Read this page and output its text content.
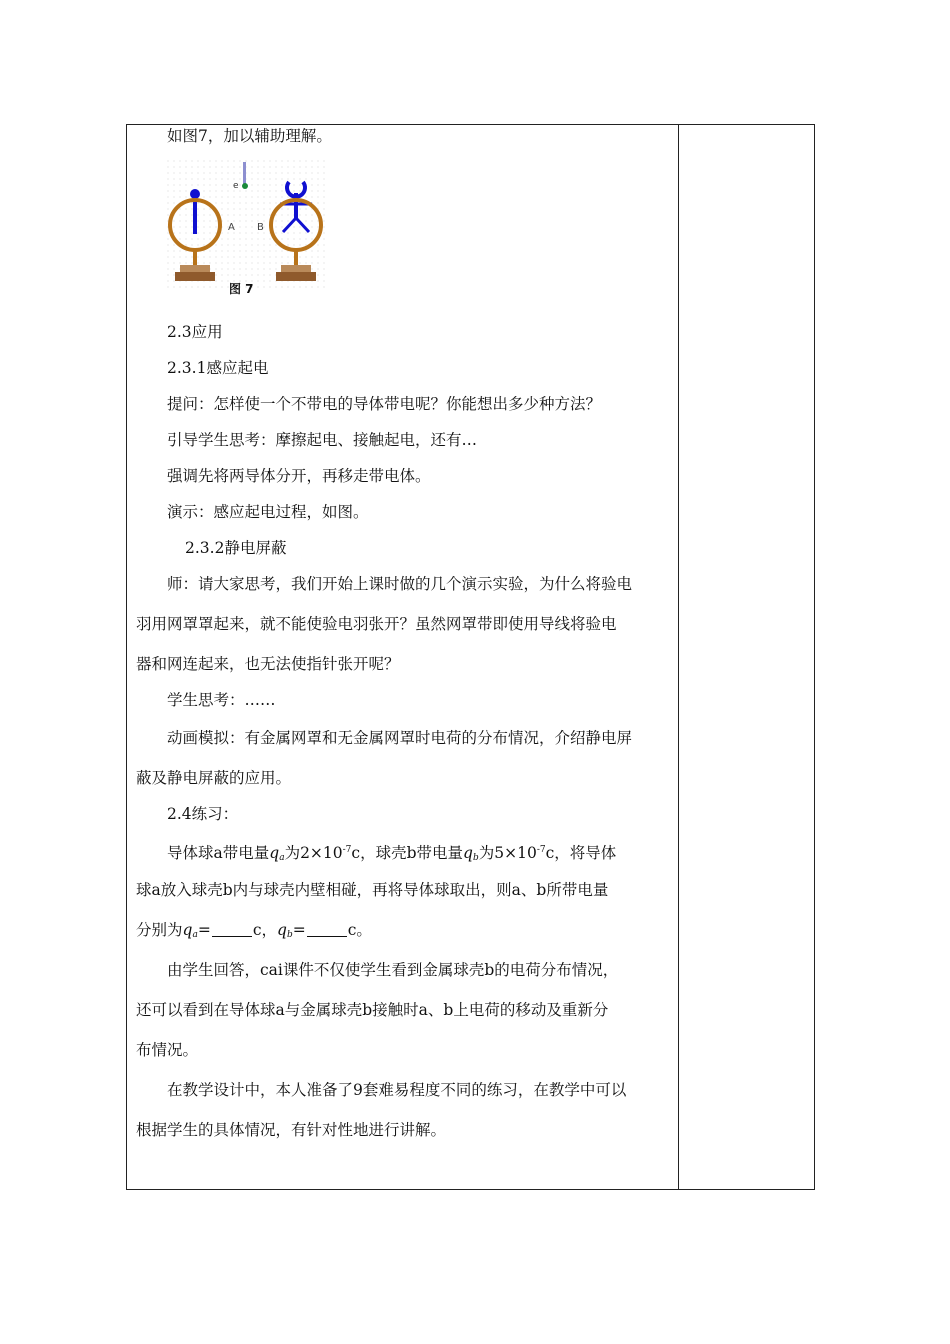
e
A B
图 7
如图7，加以辅助理解。
2.3应用
2.3.1感应起电
提问：怎样使一个不带电的导体带电呢？你能想出多少种方法？
引导学生思考：摩擦起电、接触起电，还有…
强调先将两导体分开，再移走带电体。
演示：感应起电过程，如图。
2.3.2静电屏蔽
师：请大家思考，我们开始上课时做的几个演示实验，为什么将验电
羽用网罩罩起来，就不能使验电羽张开？虽然网罩带即使用导线将验电
器和网连起来，也无法使指针张开呢？
学生思考：……
动画模拟：有金属网罩和无金属网罩时电荷的分布情况，介绍静电屏
蔽及静电屏蔽的应用。
2.4练习：
导体球a带电量$q_a$为$2\times 10^{-7}c$，球壳b带电量$q_b$为$5\times 10^{-7}c$，将导体
球a放入球壳b内与球壳内壁相碰，再将导体球取出，则a、b所带电量
分别为$q_a=$	c，$q_b=$	c。
由学生回答，cai课件不仅使学生看到金属球壳b的电荷分布情况，
还可以看到在导体球a与金属球壳b接触时a、b上电荷的移动及重新分
布情况。
在教学设计中，本人准备了9套难易程度不同的练习，在教学中可以
根据学生的具体情况，有针对性地进行讲解。
